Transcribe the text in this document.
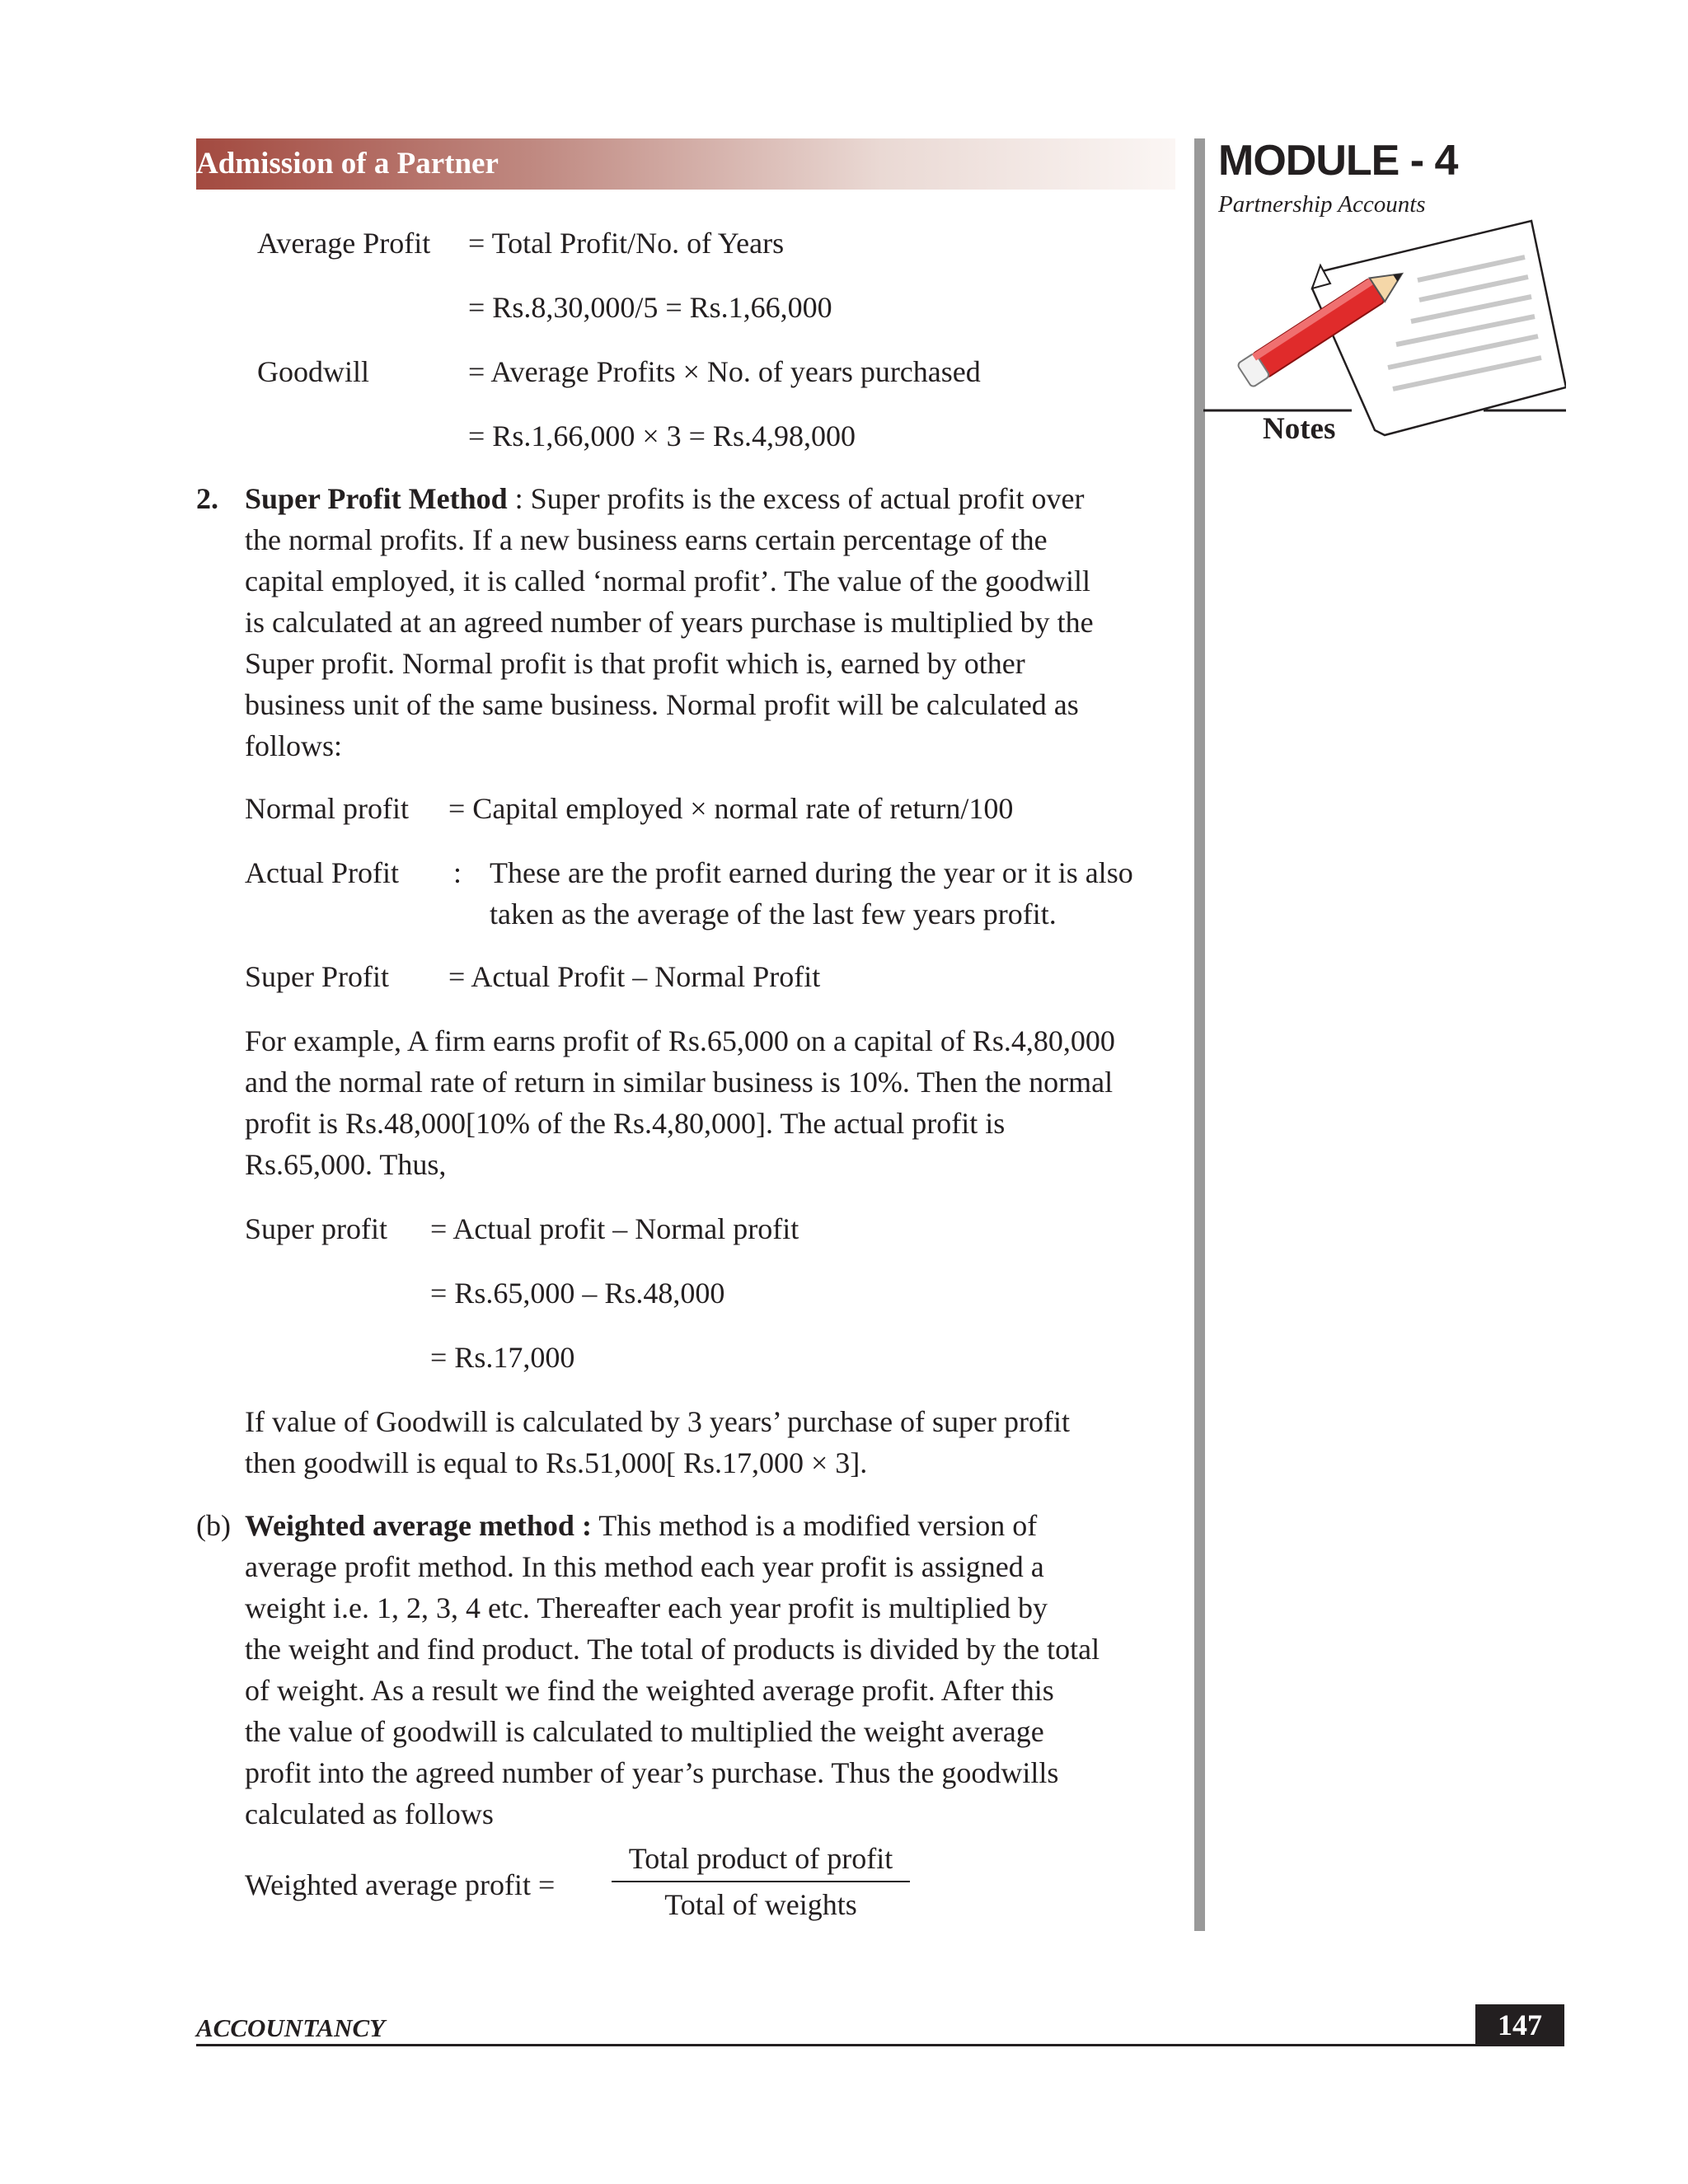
Admission of a Partner	MODULE - 4
Partnership Accounts
Notes
Average Profit = Total Profit/No. of Years
= Rs.8,30,000/5 = Rs.1,66,000
Goodwill	= Average Profits × No. of years purchased
= Rs.1,66,000 × 3 = Rs.4,98,000
2. Super Profit Method : Super profits is the excess of actual profit over
the normal profits. If a new business earns certain percentage of the
capital employed, it is called ‘normal profit’. The value of the goodwill
is calculated at an agreed number of years purchase is multiplied by the
Super profit. Normal profit is that profit which is, earned by other
business unit of the same business. Normal profit will be calculated as
follows:
Normal profit = Capital employed × normal rate of return/100
Actual Profit : These are the profit earned during the year or it is also
taken as the average of the last few years profit.
Super Profit = Actual Profit – Normal Profit
For example, A firm earns profit of Rs.65,000 on a capital of Rs.4,80,000
and the normal rate of return in similar business is 10%. Then the normal
profit is Rs.48,000[10% of the Rs.4,80,000]. The actual profit is
Rs.65,000. Thus,
Super profit = Actual profit – Normal profit
= Rs.65,000 – Rs.48,000
= Rs.17,000
If value of Goodwill is calculated by 3 years’ purchase of super profit
then goodwill is equal to Rs.51,000[ Rs.17,000 × 3].
(b) Weighted average method : This method is a modified version of
average profit method. In this method each year profit is assigned a
weight i.e. 1, 2, 3, 4 etc. Thereafter each year profit is multiplied by
the weight and find product. The total of products is divided by the total
of weight. As a result we find the weighted average profit. After this
the value of goodwill is calculated to multiplied the weight average
profit into the agreed number of year’s purchase. Thus the goodwills
calculated as follows
Weighted average profit =
Total product of profit
Total of weights
ACCOUNTANCY	147
